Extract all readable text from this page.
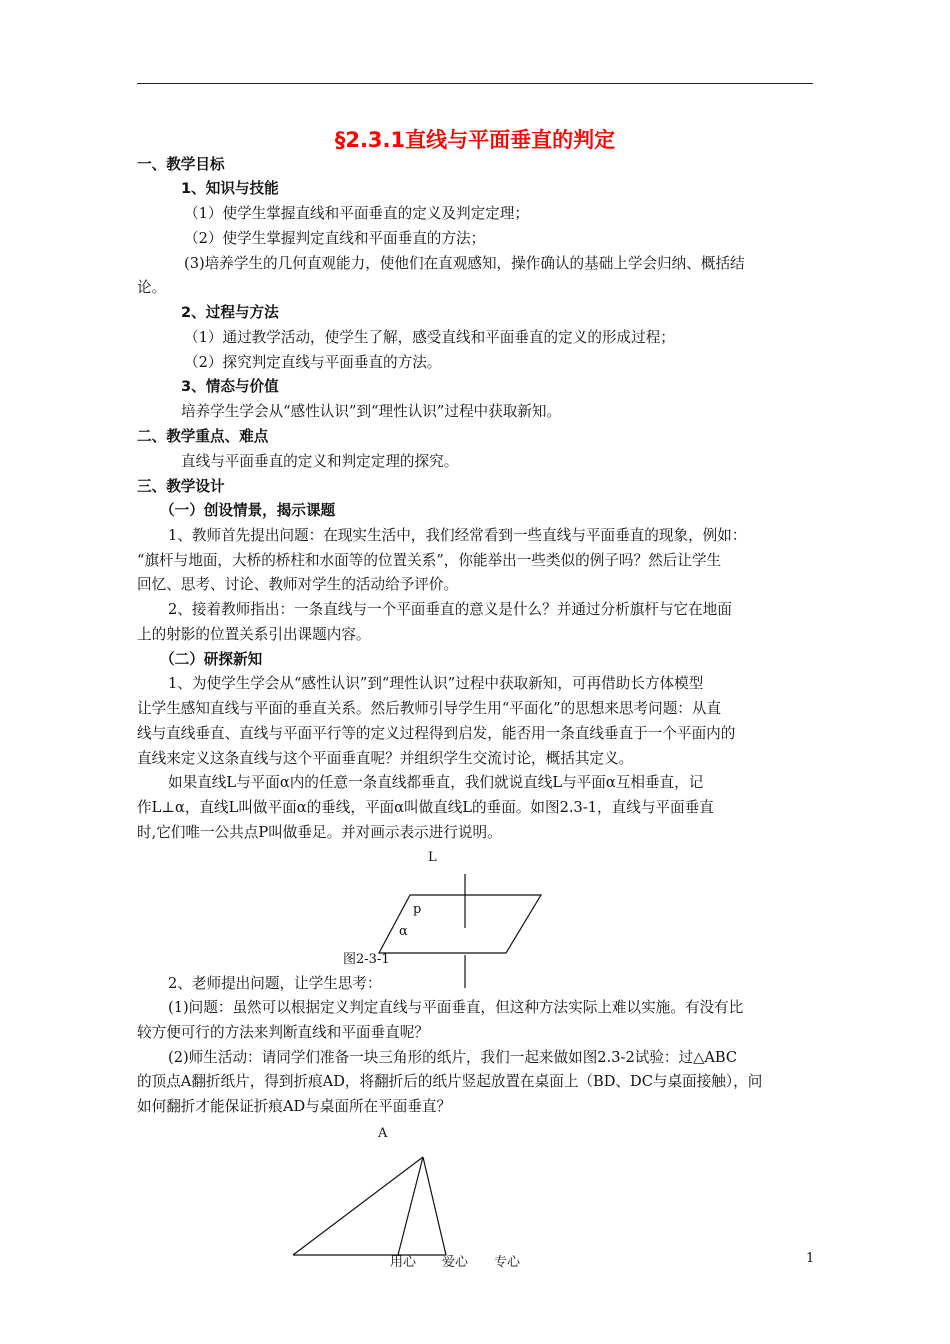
§2.3.1直线与平面垂直的判定
一、教学目标
1、知识与技能
（1）使学生掌握直线和平面垂直的定义及判定定理；
（2）使学生掌握判定直线和平面垂直的方法；
(3)培养学生的几何直观能力，使他们在直观感知，操作确认的基础上学会归纳、概括结
论。
2、过程与方法
（1）通过教学活动，使学生了解，感受直线和平面垂直的定义的形成过程；
（2）探究判定直线与平面垂直的方法。
3、情态与价值
培养学生学会从“感性认识”到“理性认识”过程中获取新知。
二、教学重点、难点
直线与平面垂直的定义和判定定理的探究。
三、教学设计
（一）创设情景，揭示课题
1、教师首先提出问题：在现实生活中，我们经常看到一些直线与平面垂直的现象，例如：
“旗杆与地面，大桥的桥柱和水面等的位置关系”，你能举出一些类似的例子吗？然后让学生
回忆、思考、讨论、教师对学生的活动给予评价。
2、接着教师指出：一条直线与一个平面垂直的意义是什么？并通过分析旗杆与它在地面
上的射影的位置关系引出课题内容。
（二）研探新知
1、为使学生学会从“感性认识”到“理性认识”过程中获取新知，可再借助长方体模型
让学生感知直线与平面的垂直关系。然后教师引导学生用“平面化”的思想来思考问题：从直
线与直线垂直、直线与平面平行等的定义过程得到启发，能否用一条直线垂直于一个平面内的
直线来定义这条直线与这个平面垂直呢？并组织学生交流讨论，概括其定义。
如果直线L与平面α内的任意一条直线都垂直，我们就说直线L与平面α互相垂直，记
作L⊥α，直线L叫做平面α的垂线，平面α叫做直线L的垂面。如图2.3-1，直线与平面垂直
时,它们唯一公共点P叫做垂足。并对画示表示进行说明。
L
p
α
图2-3-1
2、老师提出问题，让学生思考：
(1)问题：虽然可以根据定义判定直线与平面垂直，但这种方法实际上难以实施。有没有比
较方便可行的方法来判断直线和平面垂直呢？
(2)师生活动：请同学们准备一块三角形的纸片，我们一起来做如图2.3-2试验：过△ABC
的顶点A翻折纸片，得到折痕AD，将翻折后的纸片竖起放置在桌面上（BD、DC与桌面接触），问
如何翻折才能保证折痕AD与桌面所在平面垂直？
A
用心　　爱心　　专心	1
